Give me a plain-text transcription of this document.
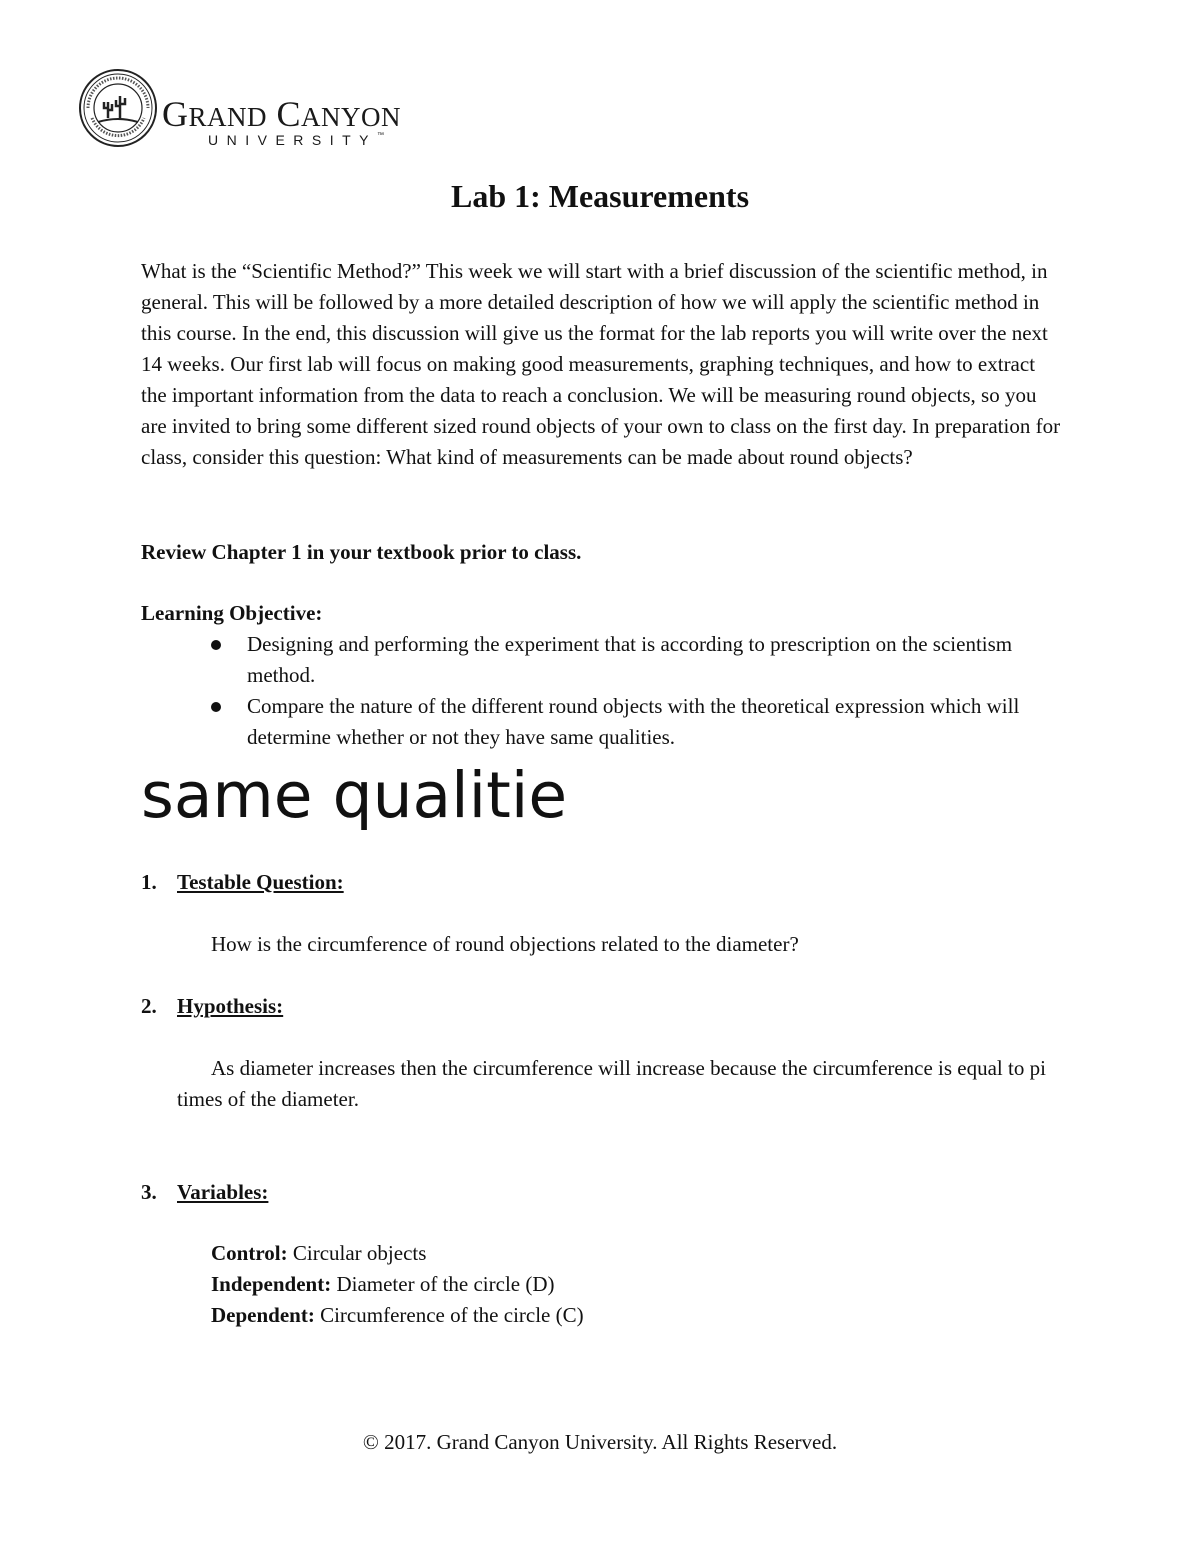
GRAND CANYON
UNIVERSITY™
Lab 1: Measurements

What is the “Scientific Method?” This week we will start with a brief discussion of the scientific method, in general. This will be followed by a more detailed description of how we will apply the scientific method in this course. In the end, this discussion will give us the format for the lab reports you will write over the next 14 weeks. Our first lab will focus on making good measurements, graphing techniques, and how to extract the important information from the data to reach a conclusion. We will be measuring round objects, so you are invited to bring some different sized round objects of your own to class on the first day. In preparation for class, consider this question: What kind of measurements can be made about round objects?

Review Chapter 1 in your textbook prior to class.
Learning Objective:
Designing and performing the experiment that is according to prescription on the scientism method.
Compare the nature of the different round objects with the theoretical expression which will determine whether or not they have same qualities.
same qualitie
1. Testable Question:
How is the circumference of round objections related to the diameter?
2. Hypothesis:
As diameter increases then the circumference will increase because the circumference is equal to pi times of the diameter.
3. Variables:
Control: Circular objects
Independent: Diameter of the circle (D)
Dependent: Circumference of the circle (C)
© 2017. Grand Canyon University. All Rights Reserved.
